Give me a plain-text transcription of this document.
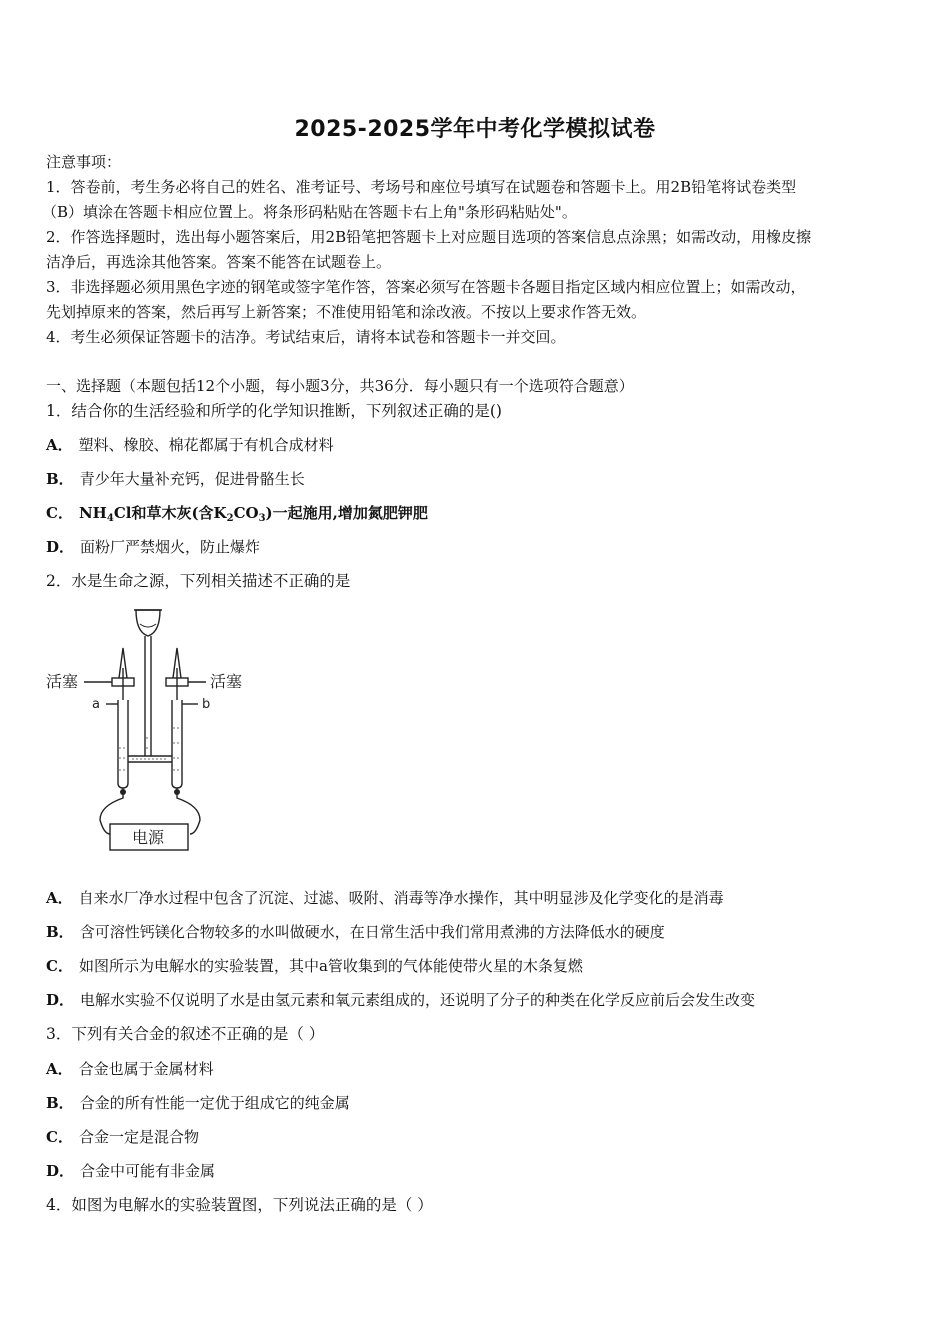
2025-2025学年中考化学模拟试卷
注意事项：
1．答卷前，考生务必将自己的姓名、准考证号、考场号和座位号填写在试题卷和答题卡上。用2B铅笔将试卷类型
（B）填涂在答题卡相应位置上。将条形码粘贴在答题卡右上角"条形码粘贴处"。
2．作答选择题时，选出每小题答案后，用2B铅笔把答题卡上对应题目选项的答案信息点涂黑；如需改动，用橡皮擦
洁净后，再选涂其他答案。答案不能答在试题卷上。
3．非选择题必须用黑色字迹的钢笔或签字笔作答，答案必须写在答题卡各题目指定区域内相应位置上；如需改动，
先划掉原来的答案，然后再写上新答案；不准使用铅笔和涂改液。不按以上要求作答无效。
4．考生必须保证答题卡的洁净。考试结束后，请将本试卷和答题卡一并交回。
一、选择题（本题包括12个小题，每小题3分，共36分．每小题只有一个选项符合题意）
1．结合你的生活经验和所学的化学知识推断，下列叙述正确的是()
A． 塑料、橡胶、棉花都属于有机合成材料
B． 青少年大量补充钙，促进骨骼生长
C． $NH_4Cl$和草木灰(含$K_2CO_3$)一起施用,增加氮肥钾肥
D． 面粉厂严禁烟火，防止爆炸
2．水是生命之源，下列相关描述不正确的是
活塞	活塞
a	b
电源
A． 自来水厂净水过程中包含了沉淀、过滤、吸附、消毒等净水操作，其中明显涉及化学变化的是消毒
B． 含可溶性钙镁化合物较多的水叫做硬水，在日常生活中我们常用煮沸的方法降低水的硬度
C． 如图所示为电解水的实验装置，其中a管收集到的气体能使带火星的木条复燃
D． 电解水实验不仅说明了水是由氢元素和氧元素组成的，还说明了分子的种类在化学反应前后会发生改变
3．下列有关合金的叙述不正确的是（ ）
A． 合金也属于金属材料
B． 合金的所有性能一定优于组成它的纯金属
C． 合金一定是混合物
D． 合金中可能有非金属
4．如图为电解水的实验装置图，下列说法正确的是（ ）
